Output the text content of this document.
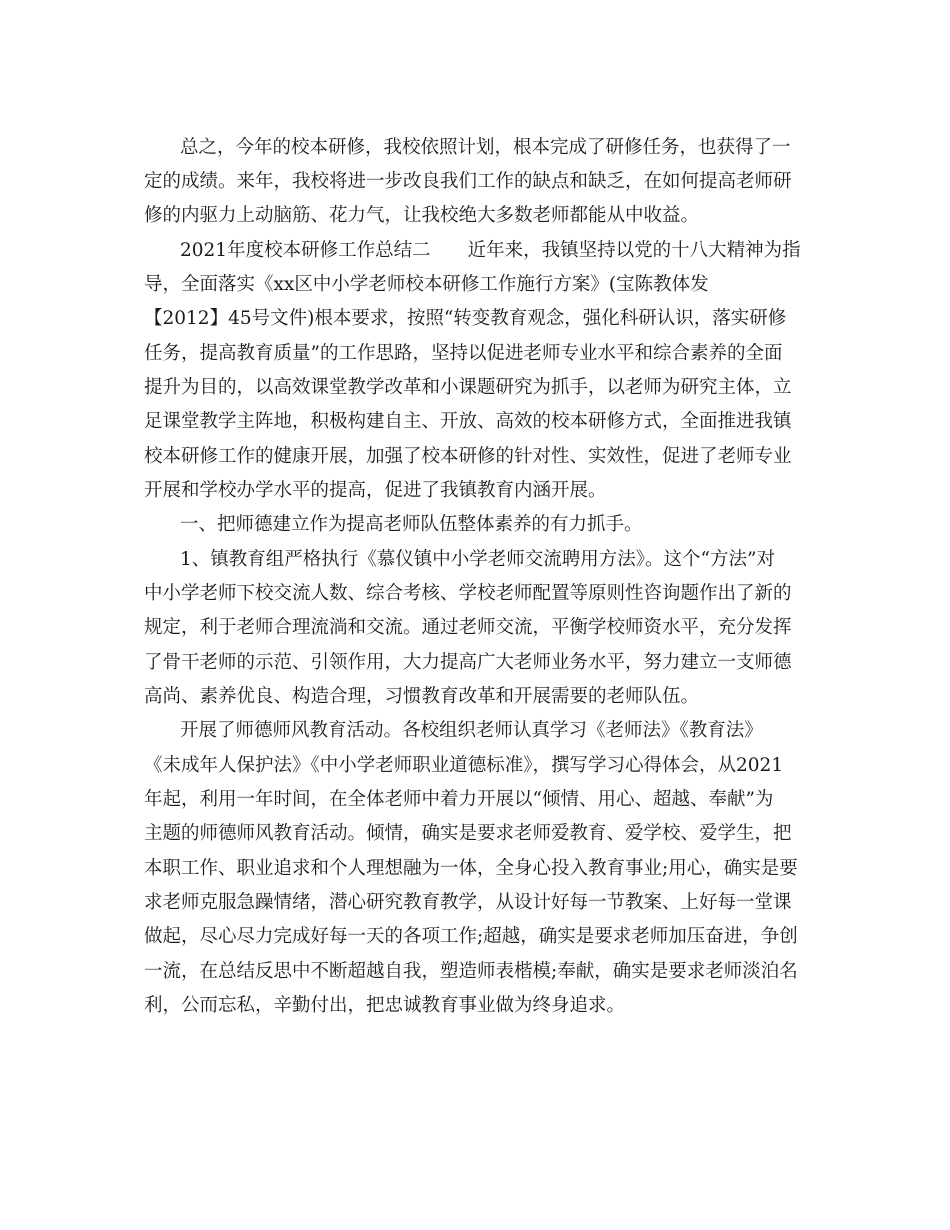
总之，今年的校本研修，我校依照计划，根本完成了研修任务，也获得了一

定的成绩。来年，我校将进一步改良我们工作的缺点和缺乏，在如何提高老师研

修的内驱力上动脑筋、花力气，让我校绝大多数老师都能从中收益。

2021年度校本研修工作总结二　　近年来，我镇坚持以党的十八大精神为指

导，全面落实《xx区中小学老师校本研修工作施行方案》(宝陈教体发

【2012】45号文件)根本要求，按照“转变教育观念，强化科研认识，落实研修

任务，提高教育质量”的工作思路，坚持以促进老师专业水平和综合素养的全面

提升为目的，以高效课堂教学改革和小课题研究为抓手，以老师为研究主体，立

足课堂教学主阵地，积极构建自主、开放、高效的校本研修方式，全面推进我镇

校本研修工作的健康开展，加强了校本研修的针对性、实效性，促进了老师专业

开展和学校办学水平的提高，促进了我镇教育内涵开展。

一、把师德建立作为提高老师队伍整体素养的有力抓手。

1、镇教育组严格执行《慕仪镇中小学老师交流聘用方法》。这个“方法”对

中小学老师下校交流人数、综合考核、学校老师配置等原则性咨询题作出了新的

规定，利于老师合理流淌和交流。通过老师交流，平衡学校师资水平，充分发挥

了骨干老师的示范、引领作用，大力提高广大老师业务水平，努力建立一支师德

高尚、素养优良、构造合理，习惯教育改革和开展需要的老师队伍。

开展了师德师风教育活动。各校组织老师认真学习《老师法》《教育法》

《未成年人保护法》《中小学老师职业道德标准》，撰写学习心得体会，从2021

年起，利用一年时间，在全体老师中着力开展以“倾情、用心、超越、奉献”为

主题的师德师风教育活动。倾情，确实是要求老师爱教育、爱学校、爱学生，把

本职工作、职业追求和个人理想融为一体，全身心投入教育事业;用心，确实是要

求老师克服急躁情绪，潜心研究教育教学，从设计好每一节教案、上好每一堂课

做起，尽心尽力完成好每一天的各项工作;超越，确实是要求老师加压奋进，争创

一流，在总结反思中不断超越自我，塑造师表楷模;奉献，确实是要求老师淡泊名

利，公而忘私，辛勤付出，把忠诚教育事业做为终身追求。
